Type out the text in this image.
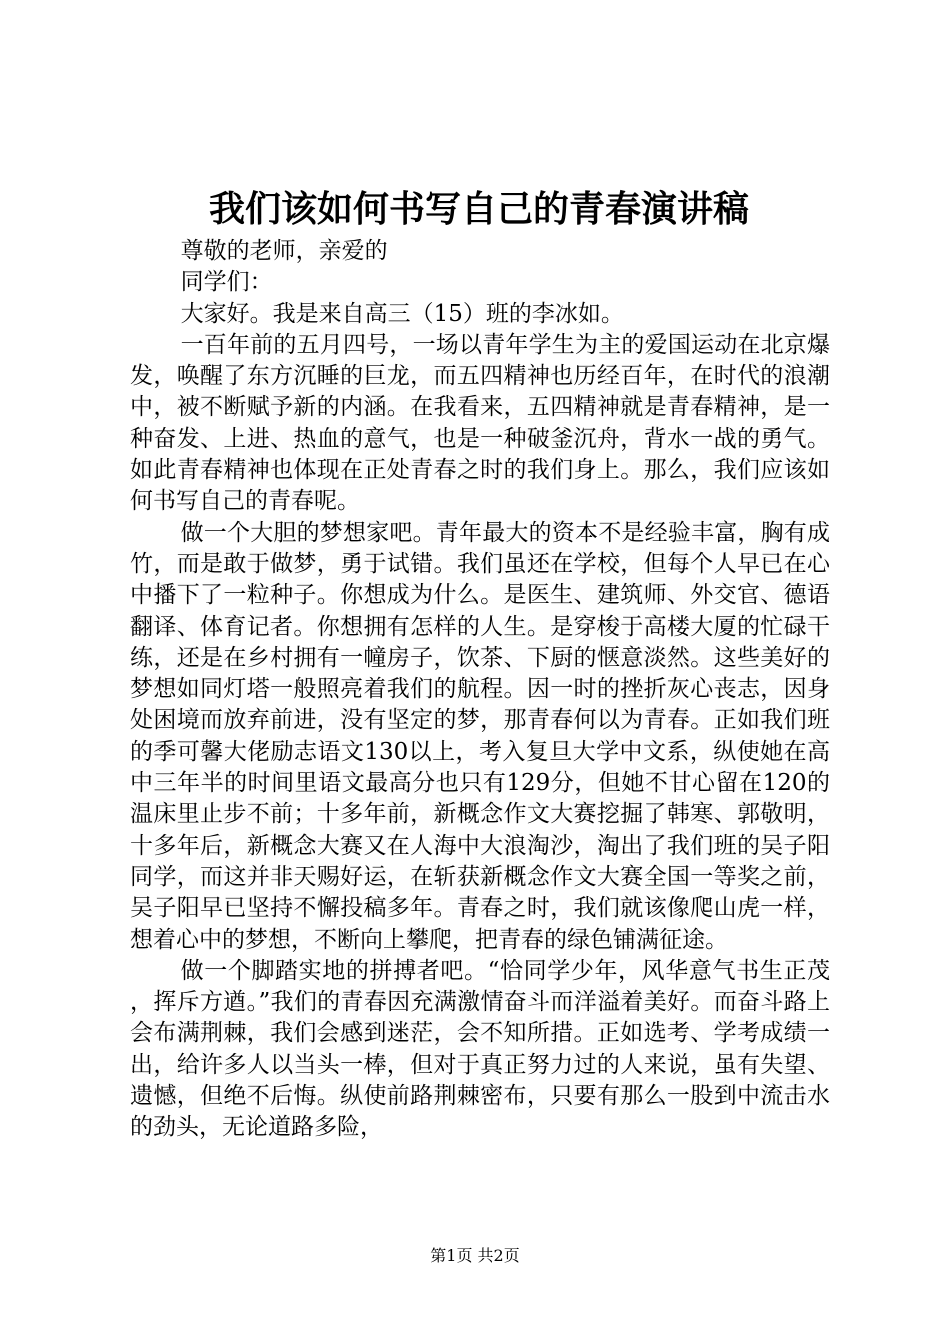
我们该如何书写自己的青春演讲稿

尊敬的老师，亲爱的

同学们：

大家好。我是来自高三（15）班的李冰如。

一百年前的五月四号，一场以青年学生为主的爱国运动在北京爆发，唤醒了东方沉睡的巨龙，而五四精神也历经百年，在时代的浪潮中，被不断赋予新的内涵。在我看来，五四精神就是青春精神，是一种奋发、上进、热血的意气，也是一种破釜沉舟，背水一战的勇气。如此青春精神也体现在正处青春之时的我们身上。那么，我们应该如何书写自己的青春呢。

做一个大胆的梦想家吧。青年最大的资本不是经验丰富，胸有成竹，而是敢于做梦，勇于试错。我们虽还在学校，但每个人早已在心中播下了一粒种子。你想成为什么。是医生、建筑师、外交官、德语翻译、体育记者。你想拥有怎样的人生。是穿梭于高楼大厦的忙碌干练，还是在乡村拥有一幢房子，饮茶、下厨的惬意淡然。这些美好的梦想如同灯塔一般照亮着我们的航程。因一时的挫折灰心丧志，因身处困境而放弃前进，没有坚定的梦，那青春何以为青春。正如我们班的季可馨大佬励志语文130以上，考入复旦大学中文系，纵使她在高中三年半的时间里语文最高分也只有129分，但她不甘心留在120的温床里止步不前；十多年前，新概念作文大赛挖掘了韩寒、郭敬明，十多年后，新概念大赛又在人海中大浪淘沙，淘出了我们班的吴子阳同学，而这并非天赐好运，在斩获新概念作文大赛全国一等奖之前，吴子阳早已坚持不懈投稿多年。青春之时，我们就该像爬山虎一样，想着心中的梦想，不断向上攀爬，把青春的绿色铺满征途。

做一个脚踏实地的拼搏者吧。“恰同学少年，风华意气书生正茂，挥斥方遒。”我们的青春因充满激情奋斗而洋溢着美好。而奋斗路上会布满荆棘，我们会感到迷茫，会不知所措。正如选考、学考成绩一出，给许多人以当头一棒，但对于真正努力过的人来说，虽有失望、遗憾，但绝不后悔。纵使前路荆棘密布，只要有那么一股到中流击水的劲头，无论道路多险，

第1页 共2页
